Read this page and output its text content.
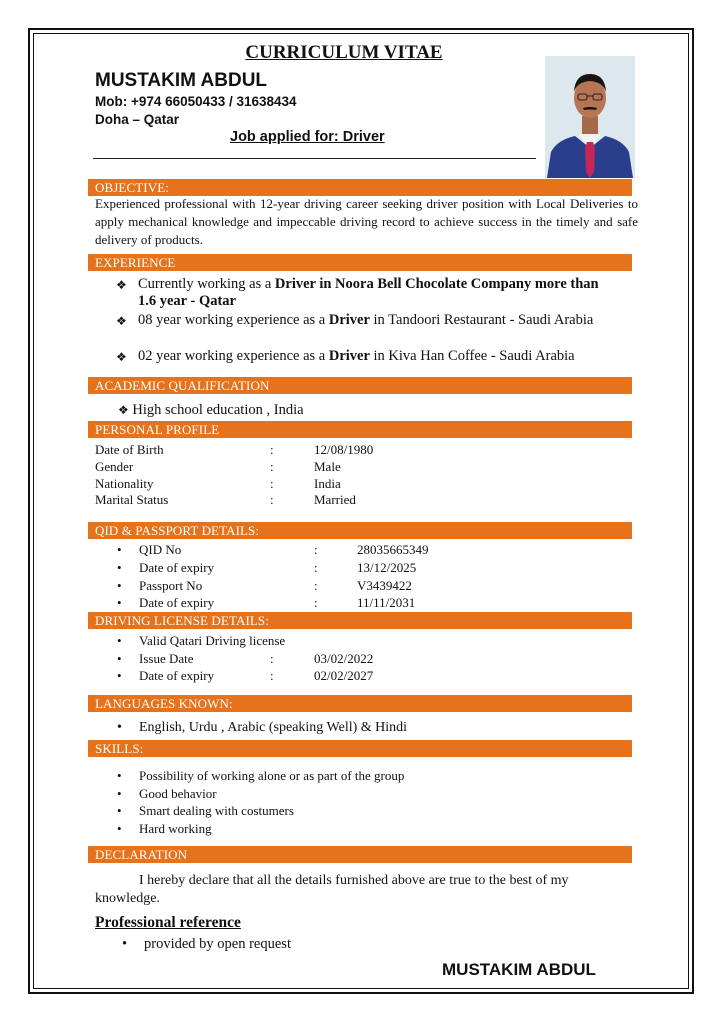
CURRICULUM VITAE
MUSTAKIM ABDUL
Mob: +974 66050433 / 31638434
Doha – Qatar
Job applied for: Driver
OBJECTIVE:
Experienced professional with 12-year driving career seeking driver position with Local Deliveries to apply mechanical knowledge and impeccable driving record to achieve success in the timely and safe delivery of products.
EXPERIENCE
❖ Currently working as a Driver in Noora Bell Chocolate Company more than 1.6 year - Qatar
❖ 08 year working experience as a Driver in Tandoori Restaurant - Saudi Arabia
❖ 02 year working experience as a Driver in Kiva Han Coffee - Saudi Arabia
ACADEMIC QUALIFICATION
❖ High school education , India
PERSONAL PROFILE
Date of Birth	:	12/08/1980
Gender	:	Male
Nationality	:	India
Marital Status	:	Married
QID & PASSPORT DETAILS:
• QID No	:	28035665349
• Date of expiry	:	13/12/2025
• Passport No	:	V3439422
• Date of expiry	:	11/11/2031
DRIVING LICENSE DETAILS:
• Valid Qatari Driving license
• Issue Date	:	03/02/2022
• Date of expiry	:	02/02/2027
LANGUAGES KNOWN:
• English, Urdu , Arabic (speaking Well) & Hindi
SKILLS:
• Possibility of working alone or as part of the group
• Good behavior
• Smart dealing with costumers
• Hard working
DECLARATION
I hereby declare that all the details furnished above are true to the best of my knowledge.
Professional reference
• provided by open request
MUSTAKIM ABDUL
